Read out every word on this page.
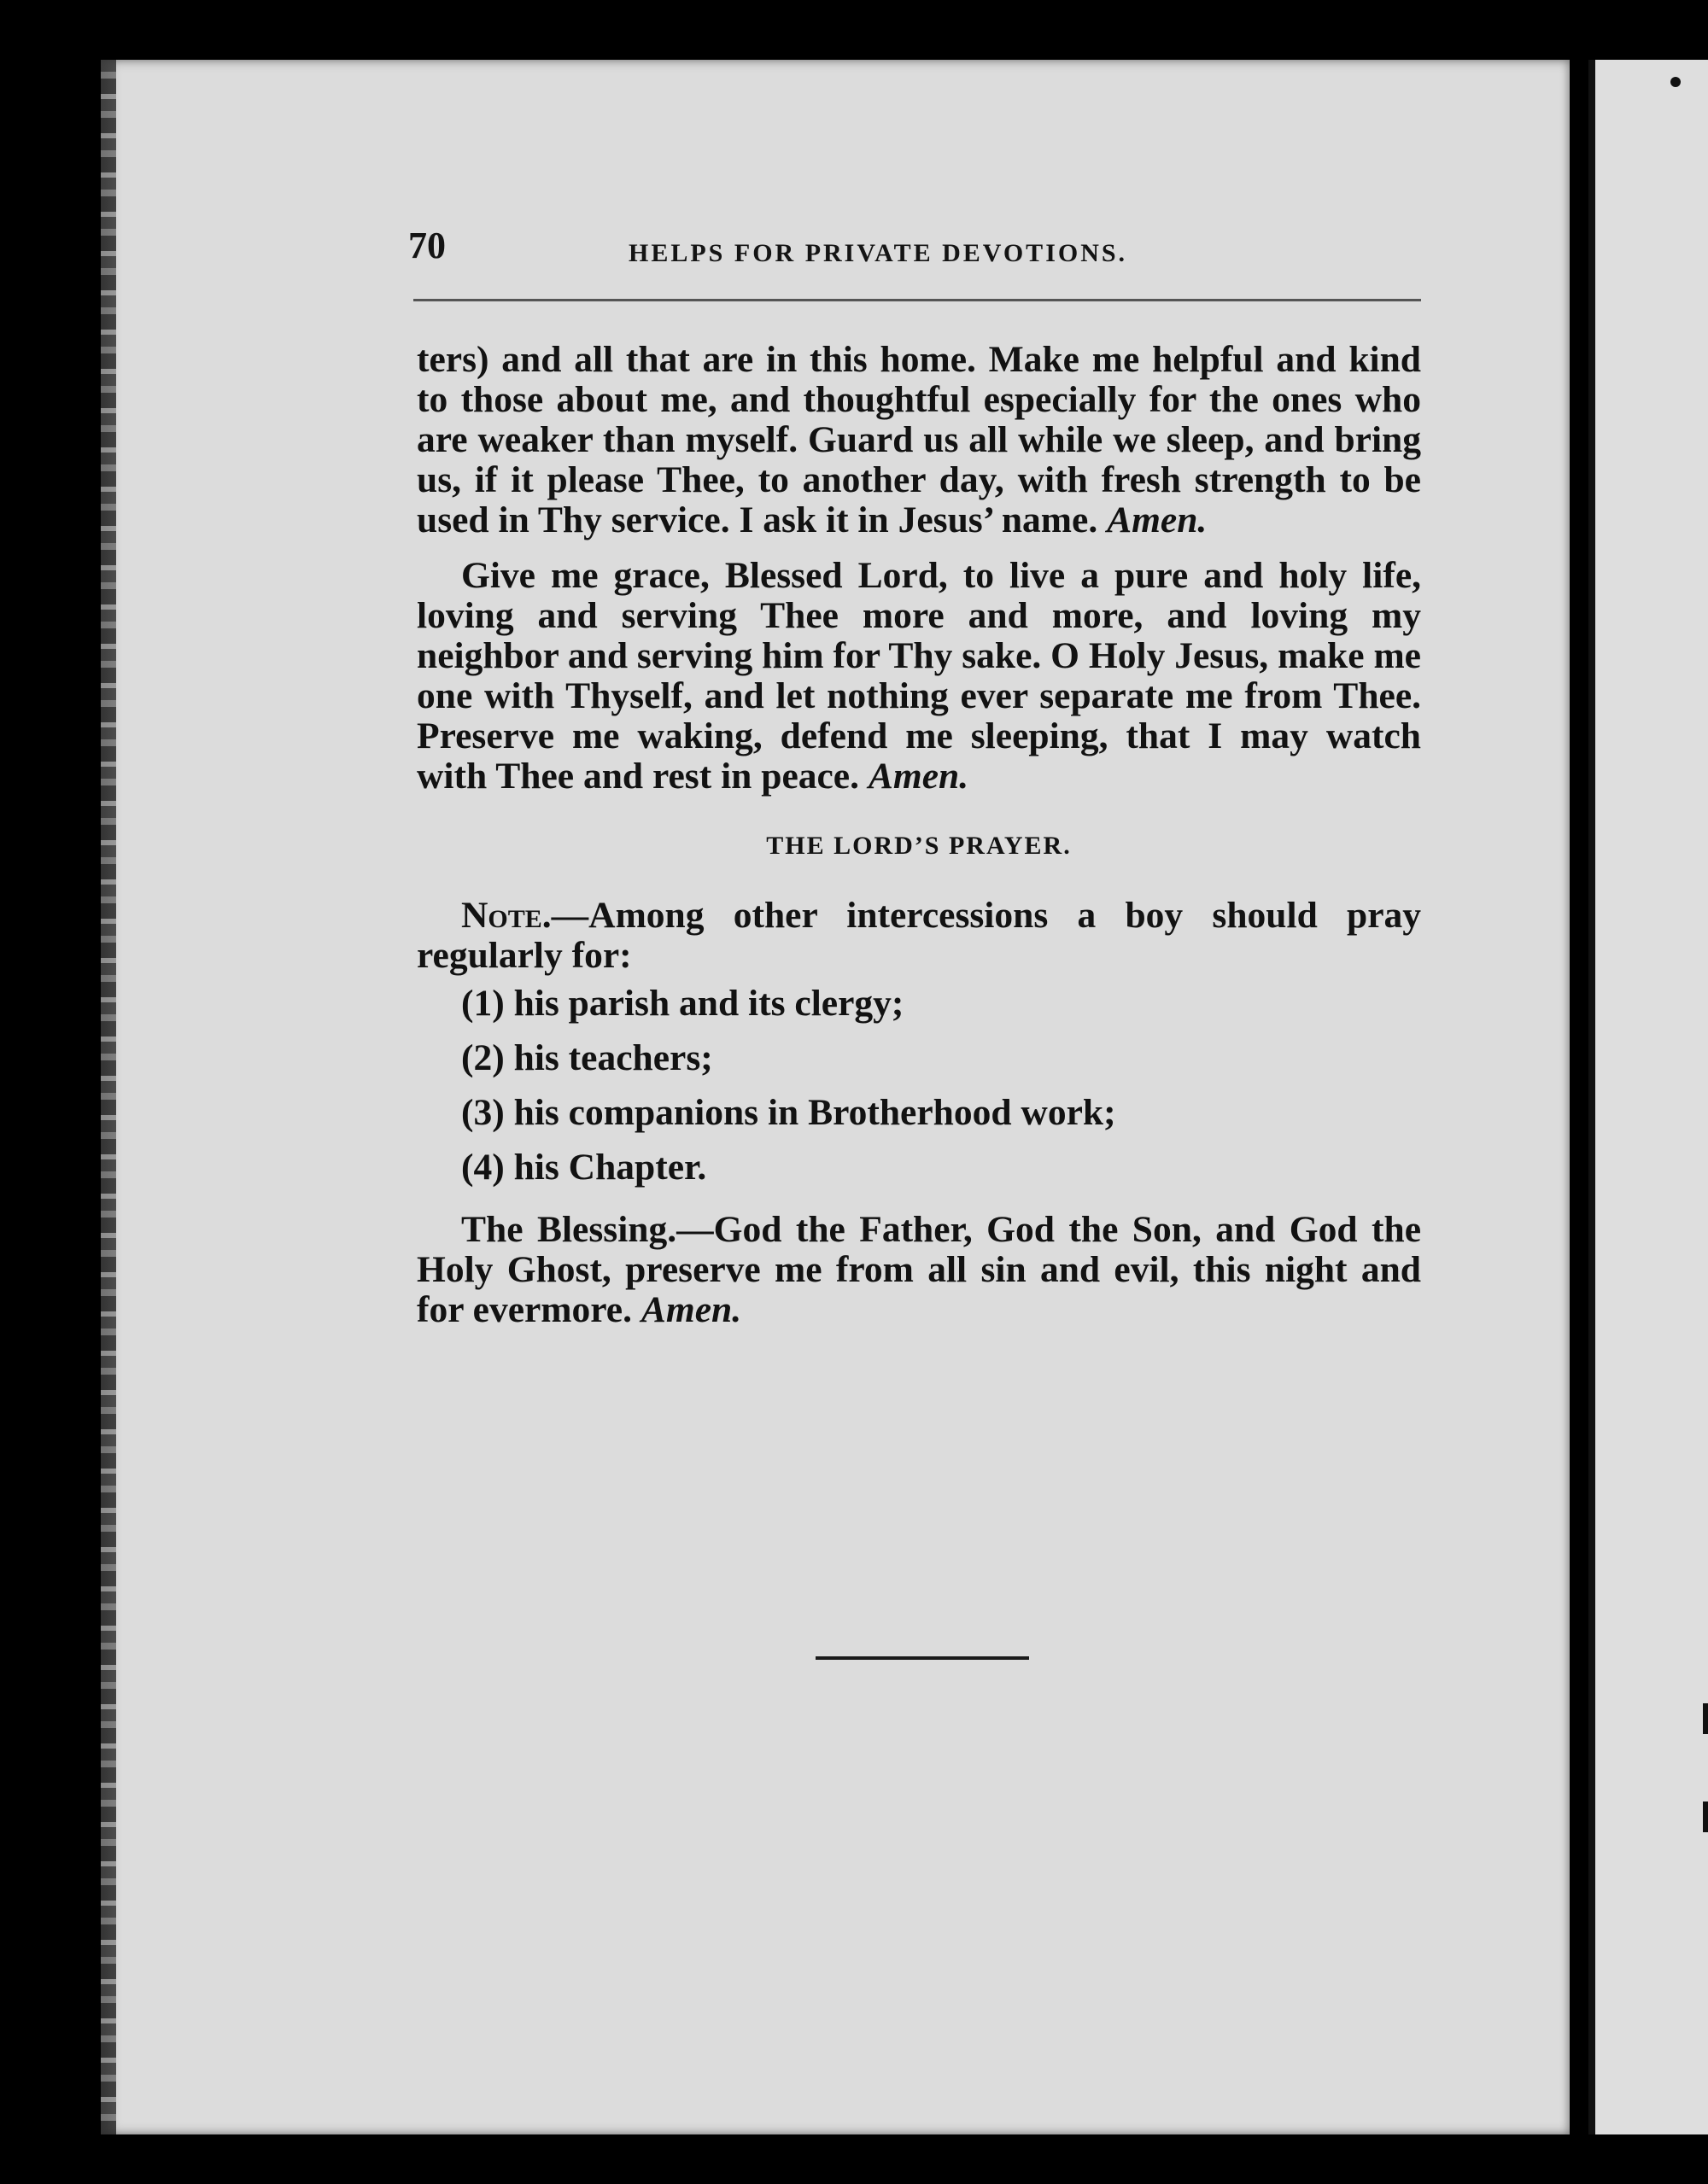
70	HELPS FOR PRIVATE DEVOTIONS.

ters) and all that are in this home. Make me helpful and kind to those about me, and thoughtful especially for the ones who are weaker than myself. Guard us all while we sleep, and bring us, if it please Thee, to another day, with fresh strength to be used in Thy service. I ask it in Jesus’ name. Amen.

Give me grace, Blessed Lord, to live a pure and holy life, loving and serving Thee more and more, and loving my neighbor and serving him for Thy sake. O Holy Jesus, make me one with Thyself, and let nothing ever separate me from Thee. Preserve me waking, defend me sleeping, that I may watch with Thee and rest in peace. Amen.

THE LORD’S PRAYER.

Note.—Among other intercessions a boy should pray regularly for:

(1) his parish and its clergy;
(2) his teachers;
(3) his companions in Brotherhood work;
(4) his Chapter.

The Blessing.—God the Father, God the Son, and God the Holy Ghost, preserve me from all sin and evil, this night and for evermore. Amen.
